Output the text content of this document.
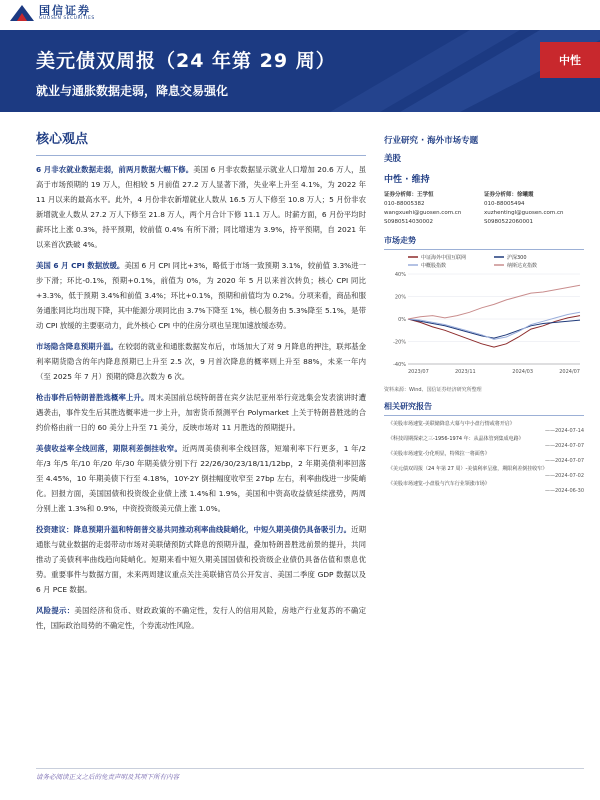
国信证券
GUOSEN SECURITIES
美元债双周报（24 年第 29 周）
就业与通胀数据走弱，降息交易强化
中性
核心观点
6 月非农就业数据走弱，前两月数据大幅下修。美国 6 月非农数据显示就业人口增加 20.6 万人，虽高于市场预期的 19 万人，但相较 5 月前值 27.2 万人显著下滑，失业率上升至 4.1%，为 2022 年 11 月以来的最高水平。此外，4 月份非农新增就业人数从 16.5 万人下修至 10.8 万人；5 月份非农新增就业人数从 27.2 万人下修至 21.8 万人，两个月合计下修 11.1 万人。时薪方面，6 月份平均时薪环比上涨 0.3%，持平预期，较前值 0.4% 有所下滑；同比增速为 3.9%，持平预期，自 2021 年以来首次跌破 4%。
美国 6 月 CPI 数据放缓。美国 6 月 CPI 同比+3%，略低于市场一致预期 3.1%，较前值 3.3%进一步下滑；环比-0.1%，预期+0.1%，前值为 0%，为 2020 年 5 月以来首次转负；核心 CPI 同比+3.3%，低于预期 3.4%和前值 3.4%；环比+0.1%，预期和前值均为 0.2%。分项来看，商品和服务通胀同比均出现下降，其中能源分项同比由 3.7%下降至 1%，核心服务由 5.3%降至 5.1%，是带动 CPI 放缓的主要驱动力，此外核心 CPI 中的住房分项也呈现加速放缓态势。
市场隐含降息预期升温。在较弱的就业和通胀数据发布后，市场加大了对 9 月降息的押注，联邦基金利率期货隐含的年内降息预期已上升至 2.5 次，9 月首次降息的概率则上升至 88%，未来一年内（至 2025 年 7 月）预期的降息次数为 6 次。
枪击事件后特朗普胜选概率上升。周末美国前总统特朗普在宾夕法尼亚州举行竞选集会发表演讲时遭遇袭击，事件发生后其胜选概率进一步上升，加密货币预测平台 Polymarket 上关于特朗普胜选的合约价格由前一日的 60 美分上升至 71 美分，反映市场对 11 月胜选的预期提升。
美债收益率全线回落，期限利差倒挂收窄。近两周美债利率全线回落，短端利率下行更多，1 年/2 年/3 年/5 年/10 年/20 年/30 年期美债分别下行 22/26/30/23/18/11/12bp，2 年期美债利率回落至 4.45%，10 年期美债下行至 4.18%，10Y-2Y 倒挂幅度收窄至 27bp 左右，利率曲线进一步陡峭化。回报方面，美国国债和投资级企业债上涨 1.4%和 1.9%，美国和中资高收益债延续涨势，两周分别上涨 1.3%和 0.9%，中资投资级美元债上涨 1.0%。
投资建议：降息预期升温和特朗普交易共同推动利率曲线陡峭化，中短久期美债仍具备吸引力。近期通胀与就业数据的走弱带动市场对美联储预防式降息的预期升温，叠加特朗普胜选前景的提升，共同推动了美债利率曲线趋向陡峭化。短期来看中短久期美国国债和投资级企业债仍具备估值和票息优势。重要事件与数据方面，未来两周建议重点关注美联储官员公开发言、美国二季度 GDP 数据以及 6 月 PCE 数据。
风险提示：美国经济和货币、财政政策的不确定性，发行人的信用风险，房地产行业复苏的不确定性，国际政治局势的不确定性，个券流动性风险。
行业研究 · 海外市场专题
美股
中性 · 维持
证券分析师：王学恒
010-88005382
wangxuehi@guosen.com.cn
S0980514030002
证券分析师：徐曦霞
010-88005494
xuzhentingl@guosen.com.cn
S0980522060001
市场走势
40%
20%
0%
-20%
-40%
2023/07	2023/11	2024/03	2024/07
中证海外中国互联网	沪深300
中概股指数	纳斯达克指数
资料来源：Wind、国信证券经济研究所整理
相关研究报告
《美股市场速览-美联储降息大幕与中小盘行情或将开启》
——2024-07-14
《科技周期探索之三-1956-1974 年：从晶体管到集成电路》
——2024-07-07
《美股市场速览-分化明显，特殊拉一将面售》
——2024-07-07
《美元债双周报（24 年第 27 周）-美债利率呈涨，期限利差倒挂收窄》
——2024-07-02
《美股市场速览-小盘股与汽车行业领涨市场》
——2024-06-30
请务必阅读正文之后的免责声明及其项下所有内容
